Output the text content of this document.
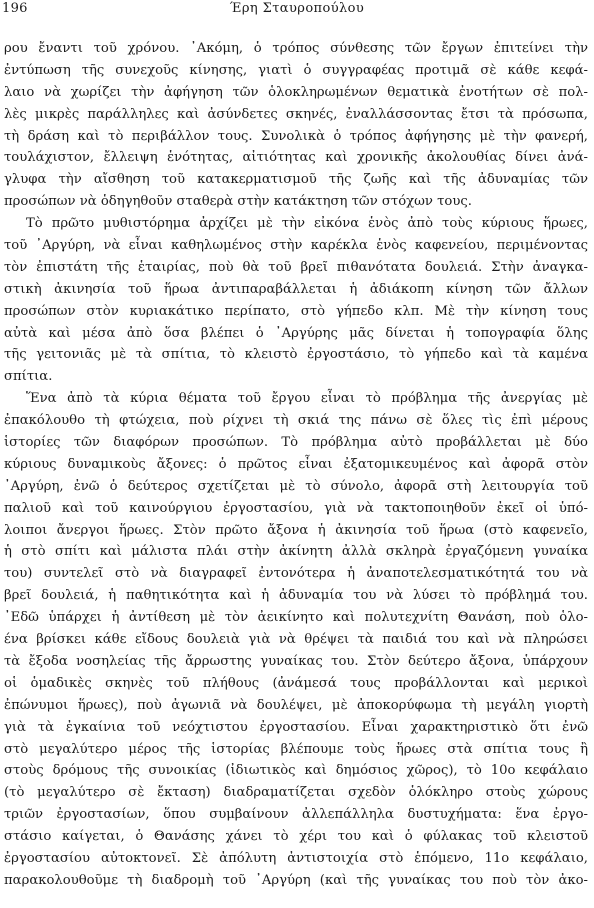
196	Έρη Σταυροπούλου
ρου ἔναντι τοῦ χρόνου. ᾿Ακόμη, ὁ τρόπος σύνθεσης τῶν ἔργων ἐπιτείνει τὴν
ἐντύπωση τῆς συνεχοῦς κίνησης, γιατὶ ὁ συγγραφέας προτιμᾶ σὲ κάθε κεφά-
λαιο νὰ χωρίζει τὴν ἀφήγηση τῶν ὁλοκληρωμένων θεματικὰ ἐνοτήτων σὲ πολ-
λὲς μικρὲς παράλληλες καὶ ἀσύνδετες σκηνές, ἐναλλάσσοντας ἔτσι τὰ πρόσωπα,
τὴ δράση καὶ τὸ περιβάλλον τους. Συνολικὰ ὁ τρόπος ἀφήγησης μὲ τὴν φανερή,
τουλάχιστον, ἔλλειψη ἑνότητας, αἰτιότητας καὶ χρονικῆς ἀκολουθίας δίνει ἀνά-
γλυφα τὴν αἴσθηση τοῦ κατακερματισμοῦ τῆς ζωῆς καὶ τῆς ἀδυναμίας τῶν
προσώπων νὰ ὁδηγηθοῦν σταθερὰ στὴν κατάκτηση τῶν στόχων τους.
Τὸ πρῶτο μυθιστόρημα ἀρχίζει μὲ τὴν εἰκόνα ἑνὸς ἀπὸ τοὺς κύριους ἥρωες,
τοῦ ᾿Αργύρη, νὰ εἶναι καθηλωμένος στὴν καρέκλα ἑνὸς καφενείου, περιμένοντας
τὸν ἐπιστάτη τῆς ἑταιρίας, ποὺ θὰ τοῦ βρεῖ πιθανότατα δουλειά. Στὴν ἀναγκα-
στικὴ ἀκινησία τοῦ ἥρωα ἀντιπαραβάλλεται ἡ ἀδιάκοπη κίνηση τῶν ἄλλων
προσώπων στὸν κυριακάτικο περίπατο, στὸ γήπεδο κλπ. Μὲ τὴν κίνηση τους
αὐτὰ καὶ μέσα ἀπὸ ὅσα βλέπει ὁ ᾿Αργύρης μᾶς δίνεται ἡ τοπογραφία ὅλης
τῆς γειτονιᾶς μὲ τὰ σπίτια, τὸ κλειστὸ ἐργοστάσιο, τὸ γήπεδο καὶ τὰ καμένα
σπίτια.
Ἕνα ἀπὸ τὰ κύρια θέματα τοῦ ἔργου εἶναι τὸ πρόβλημα τῆς ἀνεργίας μὲ
ἐπακόλουθο τὴ φτώχεια, ποὺ ρίχνει τὴ σκιά της πάνω σὲ ὅλες τὶς ἐπὶ μέρους
ἱστορίες τῶν διαφόρων προσώπων. Τὸ πρόβλημα αὐτὸ προβάλλεται μὲ δύο
κύριους δυναμικοὺς ἄξονες: ὁ πρῶτος εἶναι ἐξατομικευμένος καὶ ἀφορᾶ στὸν
᾿Αργύρη, ἐνῶ ὁ δεύτερος σχετίζεται μὲ τὸ σύνολο, ἀφορᾶ στὴ λειτουργία τοῦ
παλιοῦ καὶ τοῦ καινούργιου ἐργοστασίου, γιὰ νὰ τακτοποιηθοῦν ἐκεῖ οἱ ὑπό-
λοιποι ἄνεργοι ἥρωες. Στὸν πρῶτο ἄξονα ἡ ἀκινησία τοῦ ἥρωα (στὸ καφενεῖο,
ἡ στὸ σπίτι καὶ μάλιστα πλάι στὴν ἀκίνητη ἀλλὰ σκληρὰ ἐργαζόμενη γυναίκα
του) συντελεῖ στὸ νὰ διαγραφεῖ ἐντονότερα ἡ ἀναποτελεσματικότητά του νὰ
βρεῖ δουλειά, ἡ παθητικότητα καὶ ἡ ἀδυναμία του νὰ λύσει τὸ πρόβλημά του.
᾿Εδῶ ὑπάρχει ἡ ἀντίθεση μὲ τὸν ἀεικίνητο καὶ πολυτεχνίτη Θανάση, ποὺ ὁλο-
ένα βρίσκει κάθε εἴδους δουλειὰ γιὰ νὰ θρέψει τὰ παιδιά του καὶ νὰ πληρώσει
τὰ ἔξοδα νοσηλείας τῆς ἄρρωστης γυναίκας του. Στὸν δεύτερο ἄξονα, ὑπάρχουν
οἱ ὁμαδικὲς σκηνὲς τοῦ πλήθους (ἀνάμεσά τους προβάλλονται καὶ μερικοὶ
ἐπώνυμοι ἥρωες), ποὺ ἀγωνιᾶ νὰ δουλέψει, μὲ ἀποκορύφωμα τὴ μεγάλη γιορτὴ
γιὰ τὰ ἐγκαίνια τοῦ νεόχτιστου ἐργοστασίου. Εἶναι χαρακτηριστικὸ ὅτι ἐνῶ
στὸ μεγαλύτερο μέρος τῆς ἱστορίας βλέπουμε τοὺς ἥρωες στὰ σπίτια τους ἢ
στοὺς δρόμους τῆς συνοικίας (ἰδιωτικὸς καὶ δημόσιος χῶρος), τὸ 10ο κεφάλαιο
(τὸ μεγαλύτερο σὲ ἔκταση) διαδραματίζεται σχεδὸν ὁλόκληρο στοὺς χώρους
τριῶν ἐργοστασίων, ὅπου συμβαίνουν ἀλλεπάλληλα δυστυχήματα: ἕνα ἐργο-
στάσιο καίγεται, ὁ Θανάσης χάνει τὸ χέρι του καὶ ὁ φύλακας τοῦ κλειστοῦ
ἐργοστασίου αὐτοκτονεῖ. Σὲ ἀπόλυτη ἀντιστοιχία στὸ ἑπόμενο, 11ο κεφάλαιο,
παρακολουθοῦμε τὴ διαδρομὴ τοῦ ᾿Αργύρη (καὶ τῆς γυναίκας του ποὺ τὸν ἀκο-
